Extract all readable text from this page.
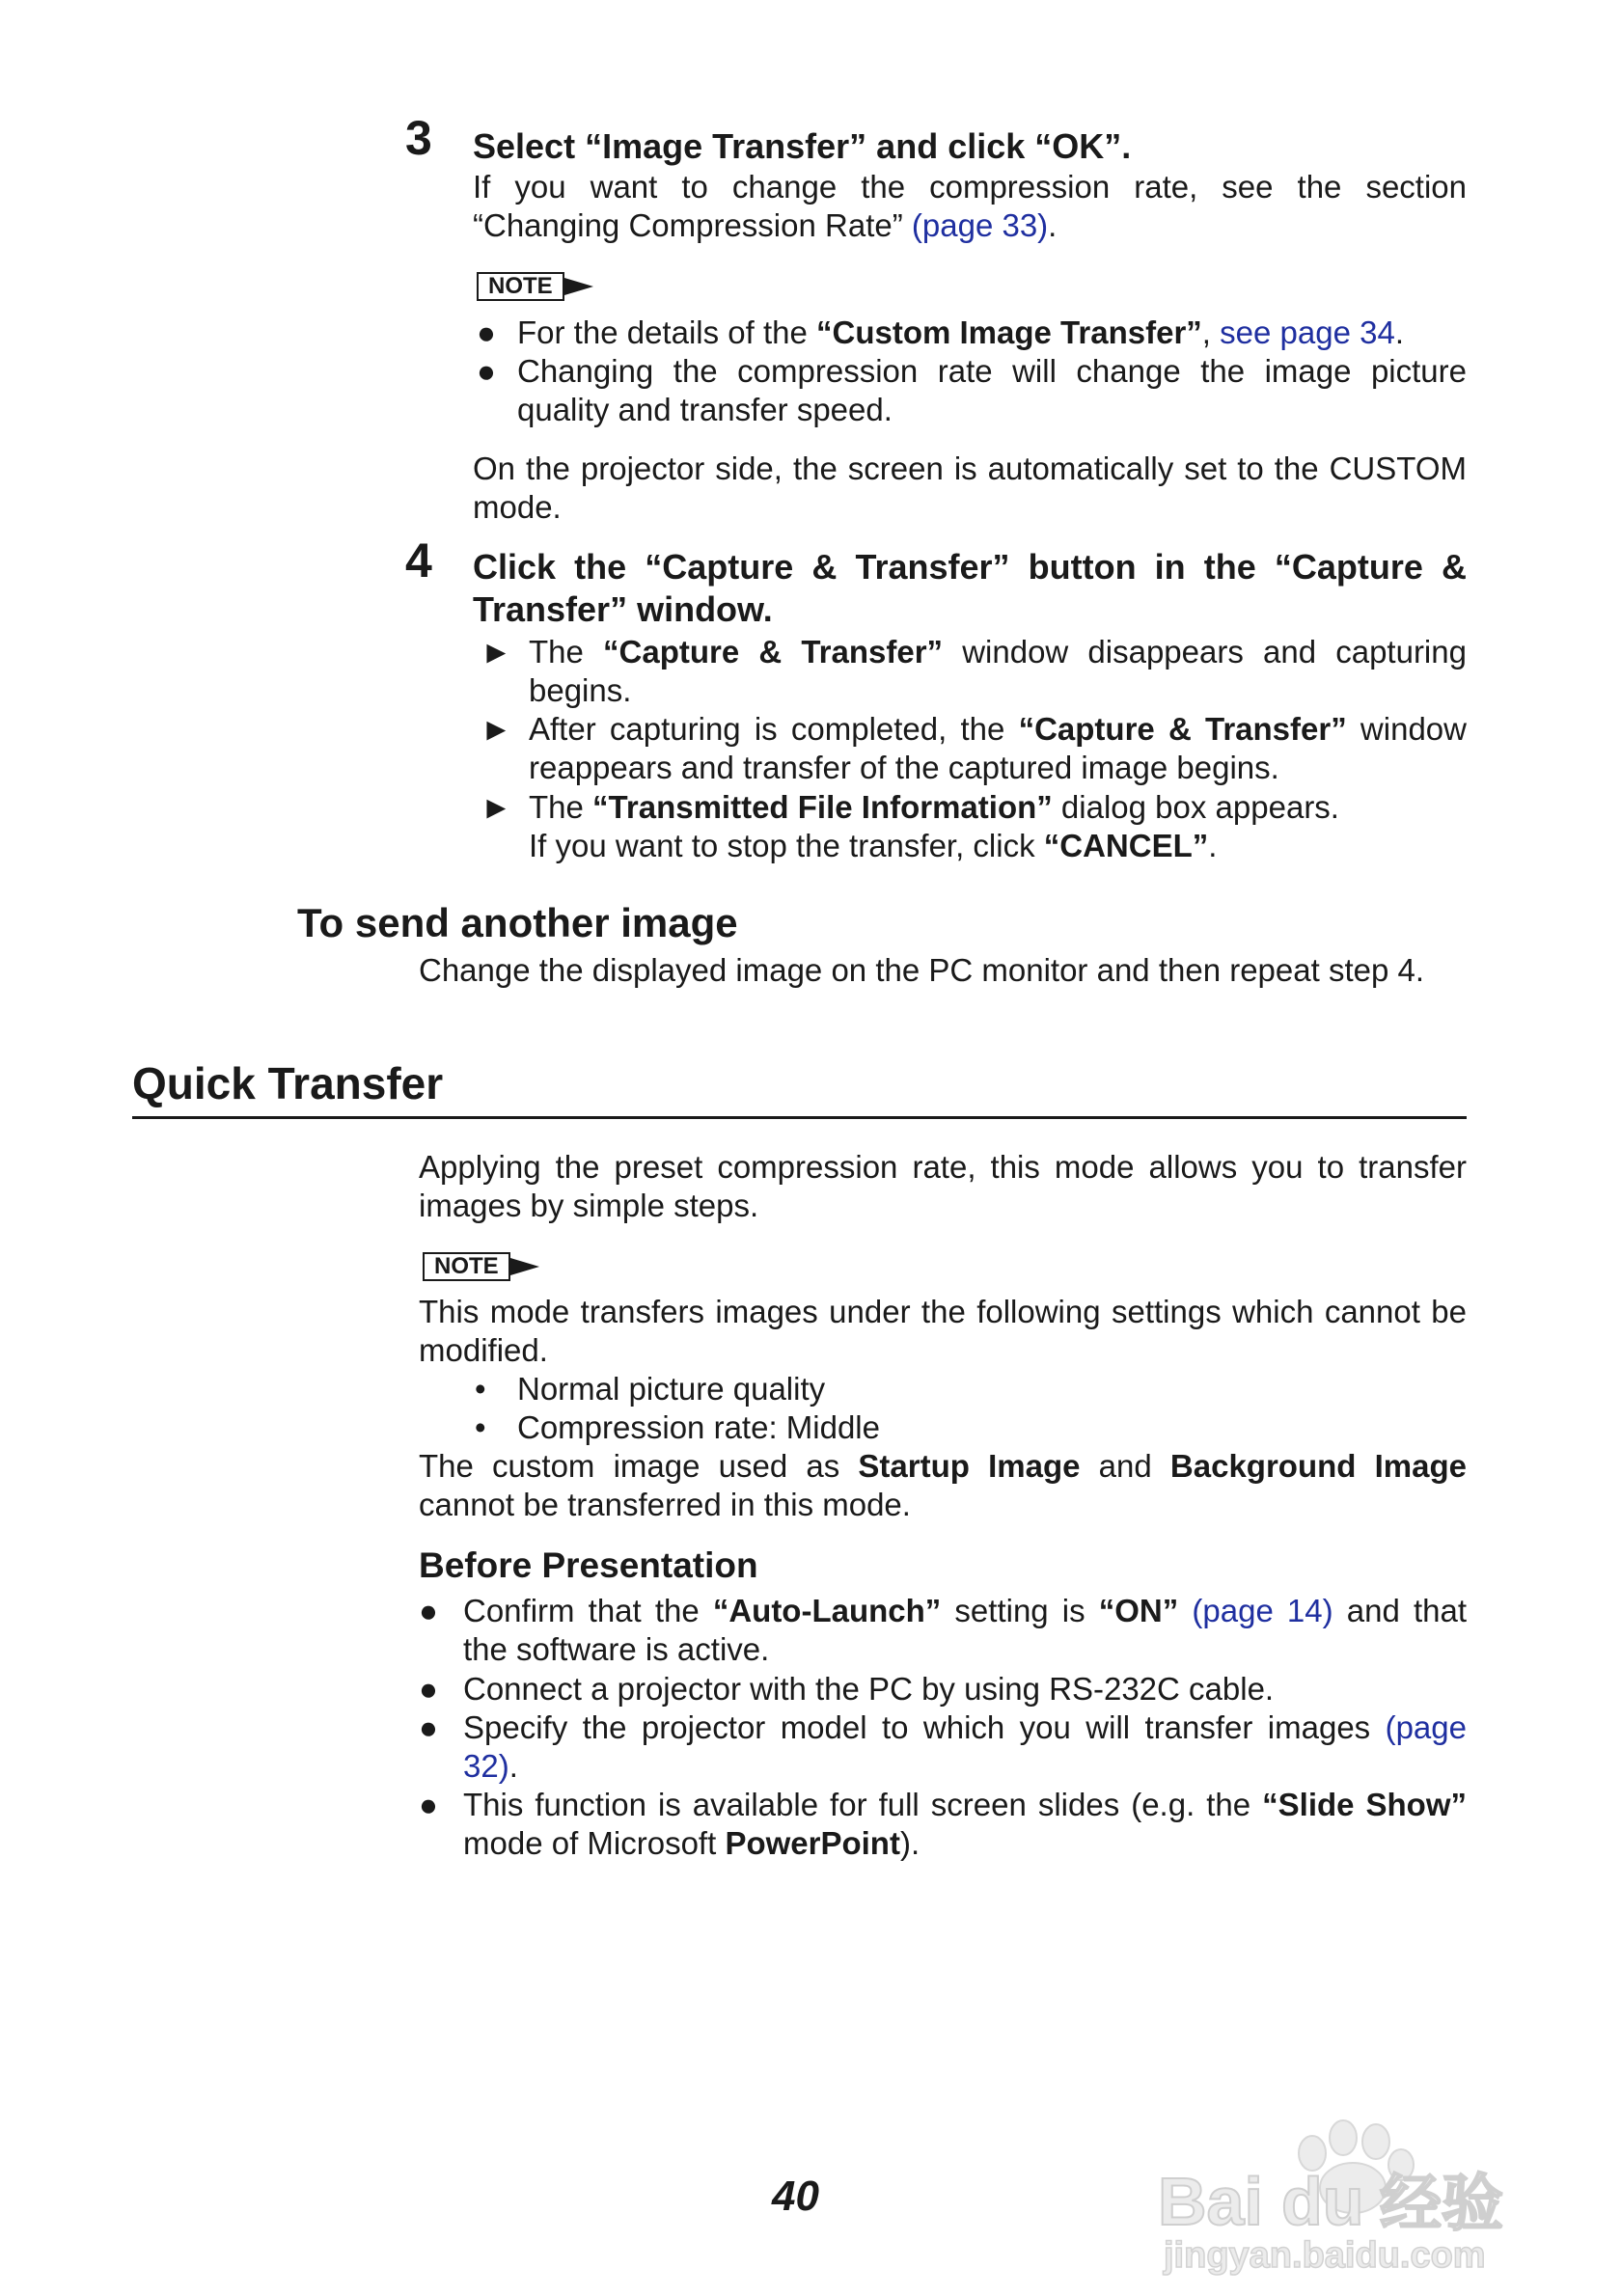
3 Select “Image Transfer” and click “OK”.
If you want to change the compression rate, see the section “Changing Compression Rate” (page 33).
NOTE
● For the details of the “Custom Image Transfer”, see page 34.
● Changing the compression rate will change the image picture quality and transfer speed.
On the projector side, the screen is automatically set to the CUSTOM mode.
4 Click the “Capture & Transfer” button in the “Capture & Transfer” window.
► The “Capture & Transfer” window disappears and capturing begins.
► After capturing is completed, the “Capture & Transfer” window reappears and transfer of the captured image begins.
► The “Transmitted File Information” dialog box appears.
If you want to stop the transfer, click “CANCEL”.
To send another image
Change the displayed image on the PC monitor and then repeat step 4.
Quick Transfer
Applying the preset compression rate, this mode allows you to transfer images by simple steps.
NOTE
This mode transfers images under the following settings which cannot be modified.
• Normal picture quality
• Compression rate: Middle
The custom image used as Startup Image and Background Image cannot be transferred in this mode.
Before Presentation
● Confirm that the “Auto-Launch” setting is “ON” (page 14) and that the software is active.
● Connect a projector with the PC by using RS-232C cable.
● Specify the projector model to which you will transfer images (page 32).
● This function is available for full screen slides (e.g. the “Slide Show” mode of Microsoft PowerPoint).
40	Bai du 经验
jingyan.baidu.com
